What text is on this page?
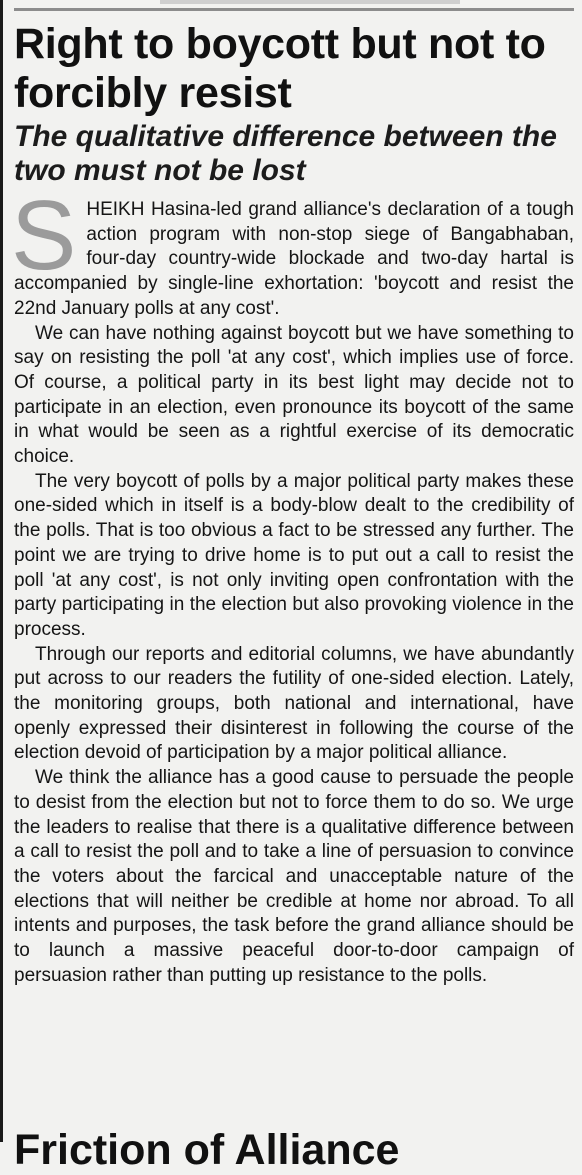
Right to boycott but not to forcibly resist
The qualitative difference between the two must not be lost

SHEIKH Hasina-led grand alliance's declaration of a tough action program with non-stop siege of Bangabhaban, four-day country-wide blockade and two-day hartal is accompanied by single-line exhortation: 'boycott and resist the 22nd January polls at any cost'.

We can have nothing against boycott but we have something to say on resisting the poll 'at any cost', which implies use of force. Of course, a political party in its best light may decide not to participate in an election, even pronounce its boycott of the same in what would be seen as a rightful exercise of its democratic choice.

The very boycott of polls by a major political party makes these one-sided which in itself is a body-blow dealt to the credibility of the polls. That is too obvious a fact to be stressed any further. The point we are trying to drive home is to put out a call to resist the poll 'at any cost', is not only inviting open confrontation with the party participating in the election but also provoking violence in the process.

Through our reports and editorial columns, we have abundantly put across to our readers the futility of one-sided election. Lately, the monitoring groups, both national and international, have openly expressed their disinterest in following the course of the election devoid of participation by a major political alliance.

We think the alliance has a good cause to persuade the people to desist from the election but not to force them to do so. We urge the leaders to realise that there is a qualitative difference between a call to resist the poll and to take a line of persuasion to convince the voters about the farcical and unacceptable nature of the elections that will neither be credible at home nor abroad. To all intents and purposes, the task before the grand alliance should be to launch a massive peaceful door-to-door campaign of persuasion rather than putting up resistance to the polls.

Friction of Alliance
